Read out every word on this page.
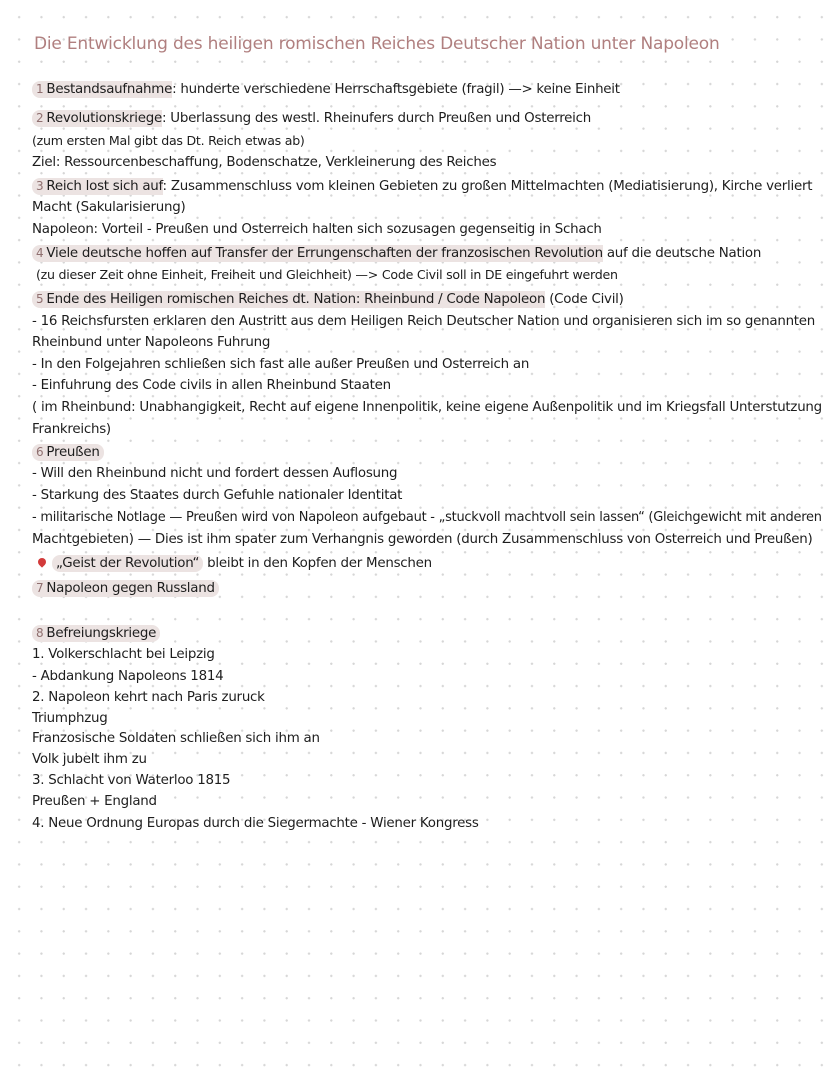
Die Entwicklung des heiligen romischen Reiches Deutscher Nation unter Napoleon
1 Bestandsaufnahme: hunderte verschiedene Herrschaftsgebiete (fragil) —> keine Einheit
2 Revolutionskriege: Uberlassung des westl. Rheinufers durch Preußen und Osterreich
(zum ersten Mal gibt das Dt. Reich etwas ab)
Ziel: Ressourcenbeschaffung, Bodenschatze, Verkleinerung des Reiches
3 Reich lost sich auf: Zusammenschluss vom kleinen Gebieten zu großen Mittelmachten (Mediatisierung), Kirche verliert
Macht (Sakularisierung)
Napoleon: Vorteil - Preußen und Osterreich halten sich sozusagen gegenseitig in Schach
4 Viele deutsche hoffen auf Transfer der Errungenschaften der franzosischen Revolution auf die deutsche Nation
(zu dieser Zeit ohne Einheit, Freiheit und Gleichheit) —> Code Civil soll in DE eingefuhrt werden
5 Ende des Heiligen romischen Reiches dt. Nation: Rheinbund / Code Napoleon (Code Civil)
- 16 Reichsfursten erklaren den Austritt aus dem Heiligen Reich Deutscher Nation und organisieren sich im so genannten
Rheinbund unter Napoleons Fuhrung
- In den Folgejahren schließen sich fast alle außer Preußen und Osterreich an
- Einfuhrung des Code civils in allen Rheinbund Staaten
( im Rheinbund: Unabhangigkeit, Recht auf eigene Innenpolitik, keine eigene Außenpolitik und im Kriegsfall Unterstutzung
Frankreichs)
6 Preußen
- Will den Rheinbund nicht und fordert dessen Auflosung
- Starkung des Staates durch Gefuhle nationaler Identitat
- militarische Notlage — Preußen wird von Napoleon aufgebaut - „stuckvoll machtvoll sein lassen“ (Gleichgewicht mit anderen
Machtgebieten) — Dies ist ihm spater zum Verhangnis geworden (durch Zusammenschluss von Osterreich und Preußen)
„Geist der Revolution“ bleibt in den Kopfen der Menschen
7 Napoleon gegen Russland
8 Befreiungskriege
1. Volkerschlacht bei Leipzig
- Abdankung Napoleons 1814
2. Napoleon kehrt nach Paris zuruck
Triumphzug
Franzosische Soldaten schließen sich ihm an
Volk jubelt ihm zu
3. Schlacht von Waterloo 1815
Preußen + England
4. Neue Ordnung Europas durch die Siegermachte - Wiener Kongress
